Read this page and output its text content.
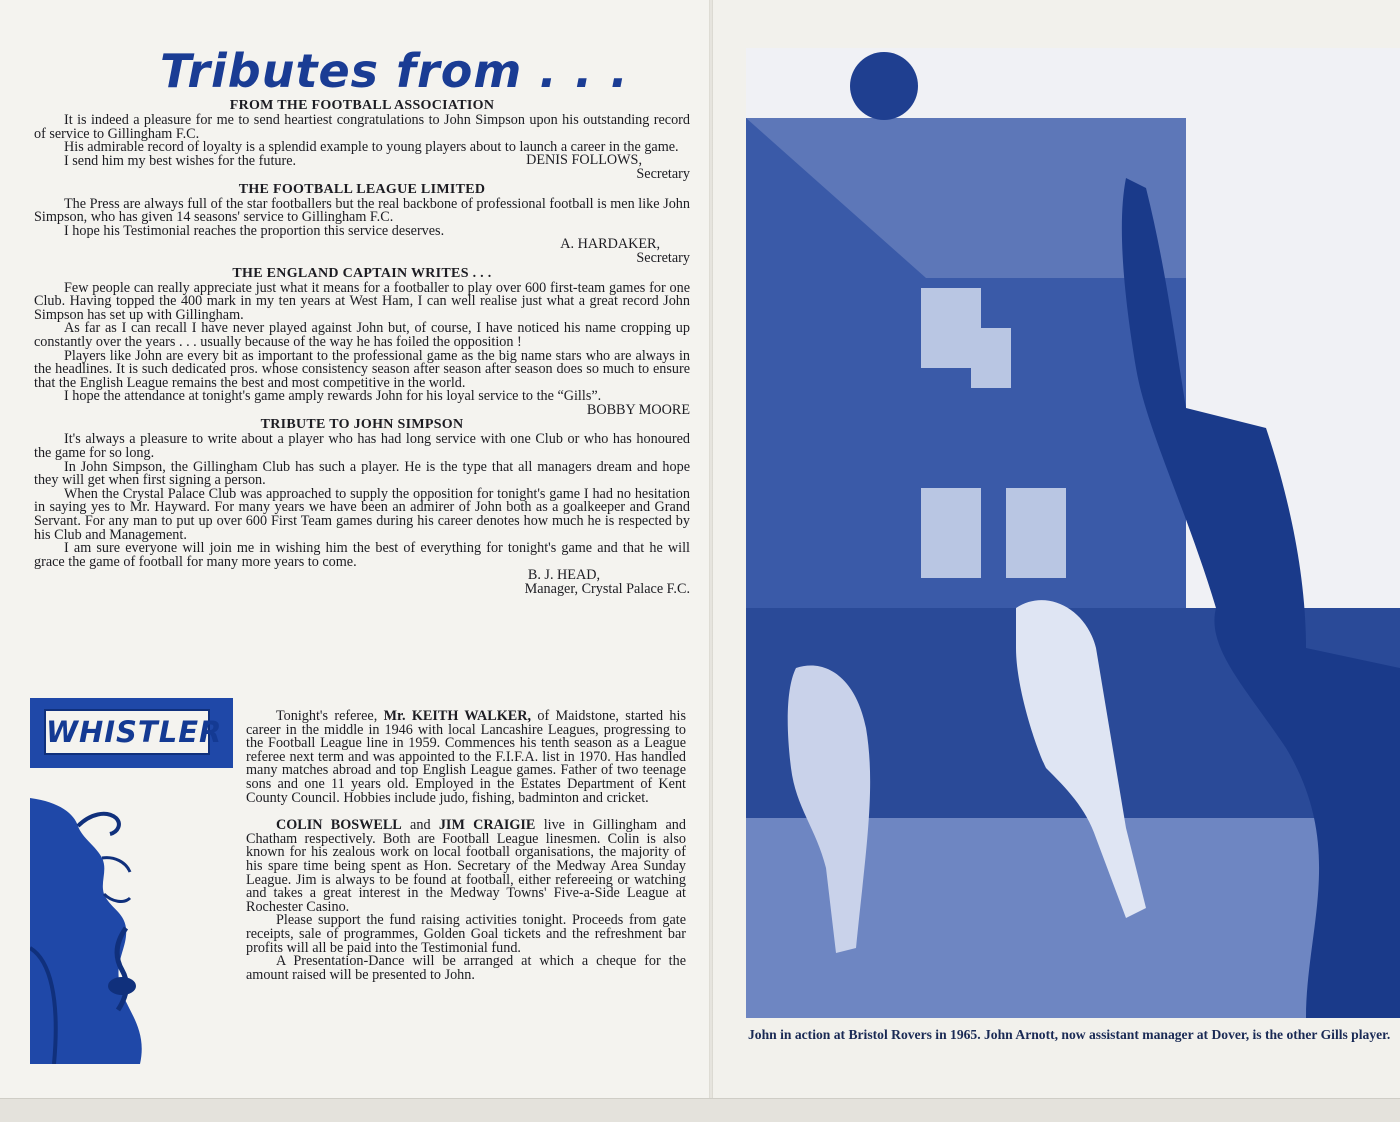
Tributes from . . .
FROM THE FOOTBALL ASSOCIATION

It is indeed a pleasure for me to send heartiest congratulations to John Simpson upon his outstanding record of service to Gillingham F.C.

His admirable record of loyalty is a splendid example to young players about to launch a career in the game.

I send him my best wishes for the future.	DENIS FOLLOWS,

Secretary

THE FOOTBALL LEAGUE LIMITED

The Press are always full of the star footballers but the real backbone of professional football is men like John Simpson, who has given 14 seasons' service to Gillingham F.C.

I hope his Testimonial reaches the proportion this service deserves.

A. HARDAKER,

Secretary

THE ENGLAND CAPTAIN WRITES . . .

Few people can really appreciate just what it means for a footballer to play over 600 first-team games for one Club. Having topped the 400 mark in my ten years at West Ham, I can well realise just what a great record John Simpson has set up with Gillingham.

As far as I can recall I have never played against John but, of course, I have noticed his name cropping up constantly over the years . . . usually because of the way he has foiled the opposition !

Players like John are every bit as important to the professional game as the big name stars who are always in the headlines. It is such dedicated pros. whose consistency season after season after season does so much to ensure that the English League remains the best and most competitive in the world.

I hope the attendance at tonight's game amply rewards John for his loyal service to the “Gills”.

BOBBY MOORE

TRIBUTE TO JOHN SIMPSON

It's always a pleasure to write about a player who has had long service with one Club or who has honoured the game for so long.

In John Simpson, the Gillingham Club has such a player. He is the type that all managers dream and hope they will get when first signing a person.

When the Crystal Palace Club was approached to supply the opposition for tonight's game I had no hesitation in saying yes to Mr. Hayward. For many years we have been an admirer of John both as a goalkeeper and Grand Servant. For any man to put up over 600 First Team games during his career denotes how much he is respected by his Club and Management.

I am sure everyone will join me in wishing him the best of everything for tonight's game and that he will grace the game of football for many more years to come.

B. J. HEAD,

Manager, Crystal Palace F.C.

WHISTLER	Tonight's referee, Mr. KEITH WALKER, of Maidstone, started his career in the middle in 1946 with local Lancashire Leagues, progressing to the Football League line in 1959. Commences his tenth season as a League referee next term and was appointed to the F.I.F.A. list in 1970. Has handled many matches abroad and top English League games. Father of two teenage sons and one 11 years old. Employed in the Estates Department of Kent County Council. Hobbies include judo, fishing, badminton and cricket.

COLIN BOSWELL and JIM CRAIGIE live in Gillingham and Chatham respectively. Both are Football League linesmen. Colin is also known for his zealous work on local football organisations, the majority of his spare time being spent as Hon. Secretary of the Medway Area Sunday League. Jim is always to be found at football, either refereeing or watching and takes a great interest in the Medway Towns' Five-a-Side League at Rochester Casino.

Please support the fund raising activities tonight. Proceeds from gate receipts, sale of programmes, Golden Goal tickets and the refreshment bar profits will all be paid into the Testimonial fund.

A Presentation-Dance will be arranged at which a cheque for the amount raised will be presented to John.

John in action at Bristol Rovers in 1965. John Arnott, now assistant manager at Dover, is the other Gills player.
